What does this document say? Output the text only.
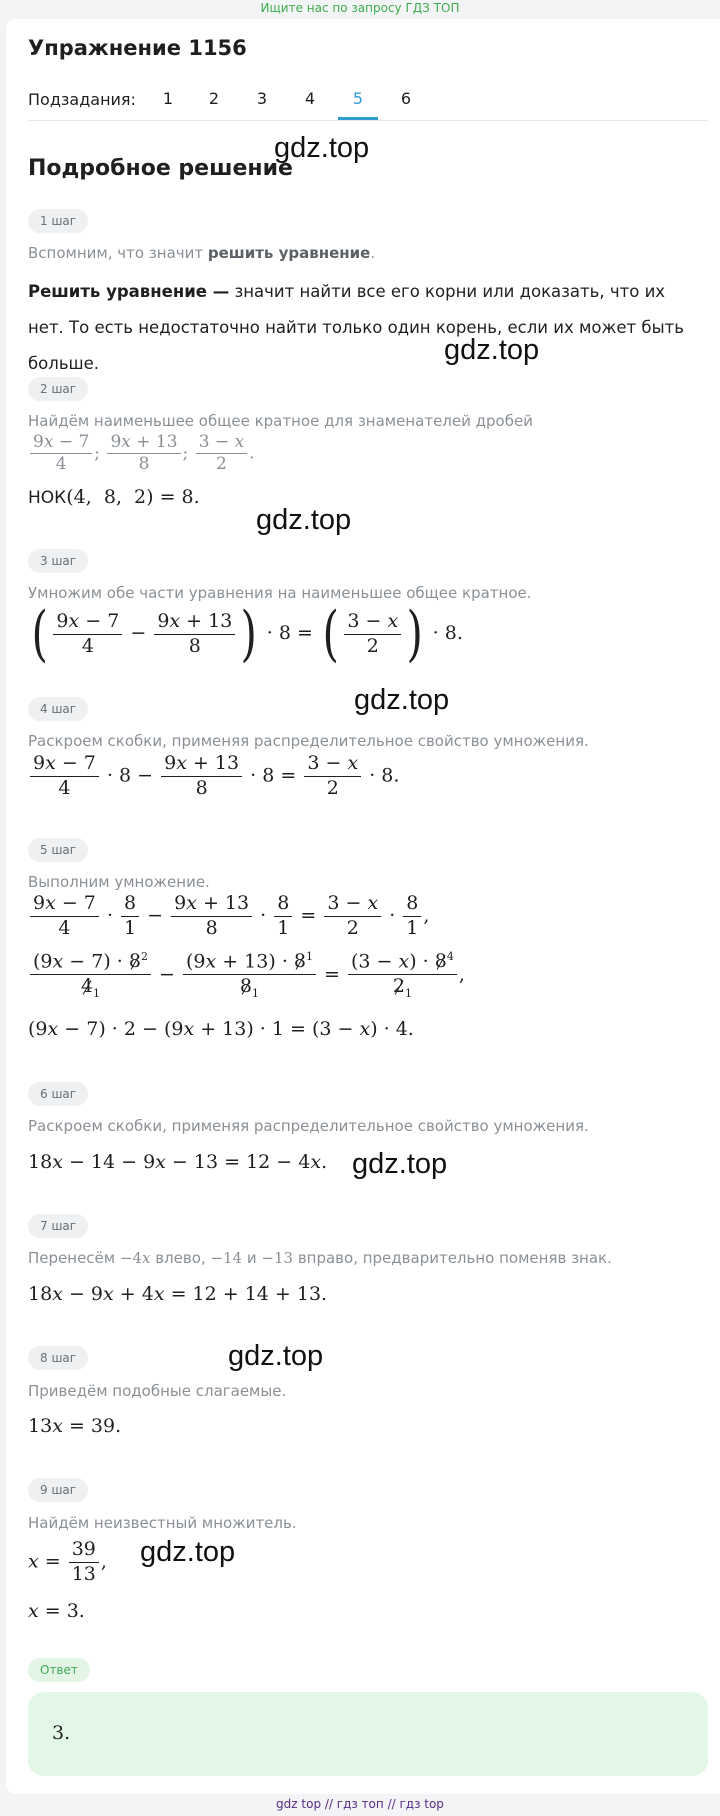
Ищите нас по запросу ГДЗ ТОП
Упражнение 1156
Подзадания:	1	2	3	4	5	6
Подробное решение
gdz.top
gdz.top
gdz.top
gdz.top
gdz.top
gdz.top
gdz.top
1 шаг
Вспомним, что значит решить уравнение.
Решить уравнение — значит найти все его корни или доказать, что их нет. То есть недостаточно найти только один корень, если их может быть больше.
2 шаг
Найдём наименьшее общее кратное для знаменателей дробей
$\frac{9x - 7}{4}$ ; $\frac{9x + 13}{8}$ ; $\frac{3 - x}{2}$ .
НОК(4,  8,  2) = 8.
3 шаг
Умножим обе части уравнения на наименьшее общее кратное.
( $\frac{9x - 7}{4} - \frac{9x + 13}{8}$ ) · 8 = ( $\frac{3 - x}{2}$ ) · 8.
4 шаг
Раскроем скобки, применяя распределительное свойство умножения.
$\frac{9x - 7}{4} \cdot 8 - \frac{9x + 13}{8} \cdot 8 = \frac{3 - x}{2} \cdot 8$.
5 шаг
Выполним умножение.
$\frac{9x - 7}{4} \cdot \frac{8}{1} - \frac{9x + 13}{8} \cdot \frac{8}{1} = \frac{3 - x}{2} \cdot \frac{8}{1}$ ,
$\frac{(9x - 7) \cdot 8^2}{4_1} - \frac{(9x + 13) \cdot 8^1}{8_1} = \frac{(3 - x) \cdot 8^4}{2_1}$ ,
(9x − 7) · 2 − (9x + 13) · 1 = (3 − x) · 4.
6 шаг
Раскроем скобки, применяя распределительное свойство умножения.
18x − 14 − 9x − 13 = 12 − 4x.
7 шаг
Перенесём −4x влево, −14 и −13 вправо, предварительно поменяв знак.
18x − 9x + 4x = 12 + 14 + 13.
8 шаг
Приведём подобные слагаемые.
13x = 39.
9 шаг
Найдём неизвестный множитель.
$x = \frac{39}{13}$ ,
x = 3.
Ответ
3.
gdz top // гдз топ // гдз top
